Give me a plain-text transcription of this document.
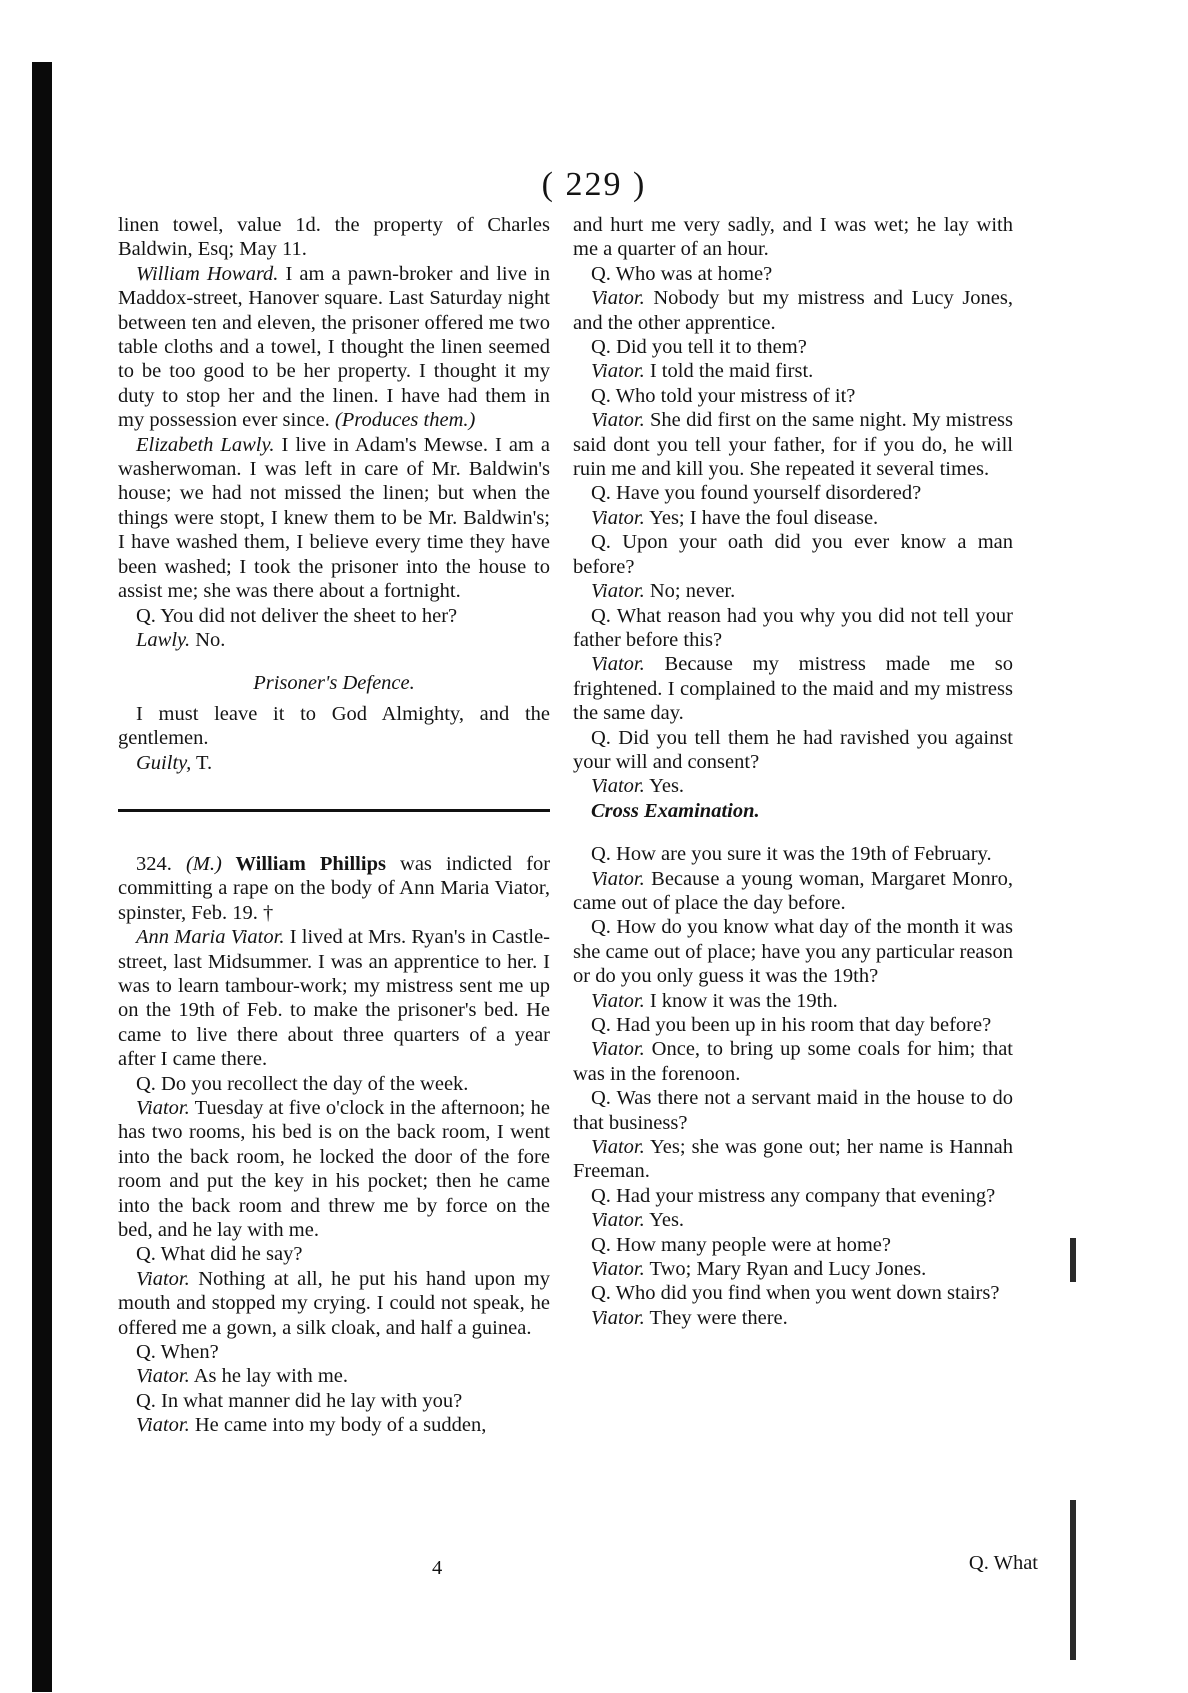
( 229 )

linen towel, value 1d. the property of Charles Baldwin, Esq; May 11.

William Howard. I am a pawn-broker and live in Maddox-street, Hanover square. Last Saturday night between ten and eleven, the prisoner offered me two table cloths and a towel, I thought the linen seemed to be too good to be her property. I thought it my duty to stop her and the linen. I have had them in my possession ever since. (Produces them.)

Elizabeth Lawly. I live in Adam's Mewse. I am a washerwoman. I was left in care of Mr. Baldwin's house; we had not missed the linen; but when the things were stopt, I knew them to be Mr. Baldwin's; I have washed them, I believe every time they have been washed; I took the prisoner into the house to assist me; she was there about a fortnight.

Q. You did not deliver the sheet to her?

Lawly. No.

Prisoner's Defence.

I must leave it to God Almighty, and the gentlemen.

Guilty, T.

324. (M.) William Phillips was indicted for committing a rape on the body of Ann Maria Viator, spinster, Feb. 19. †

Ann Maria Viator. I lived at Mrs. Ryan's in Castle-street, last Midsummer. I was an apprentice to her. I was to learn tambour-work; my mistress sent me up on the 19th of Feb. to make the prisoner's bed. He came to live there about three quarters of a year after I came there.

Q. Do you recollect the day of the week.

Viator. Tuesday at five o'clock in the afternoon; he has two rooms, his bed is on the back room, I went into the back room, he locked the door of the fore room and put the key in his pocket; then he came into the back room and threw me by force on the bed, and he lay with me.

Q. What did he say?

Viator. Nothing at all, he put his hand upon my mouth and stopped my crying. I could not speak, he offered me a gown, a silk cloak, and half a guinea.

Q. When?

Viator. As he lay with me.

Q. In what manner did he lay with you?

Viator. He came into my body of a sudden,

and hurt me very sadly, and I was wet; he lay with me a quarter of an hour.

Q. Who was at home?

Viator. Nobody but my mistress and Lucy Jones, and the other apprentice.

Q. Did you tell it to them?

Viator. I told the maid first.

Q. Who told your mistress of it?

Viator. She did first on the same night. My mistress said dont you tell your father, for if you do, he will ruin me and kill you. She repeated it several times.

Q. Have you found yourself disordered?

Viator. Yes; I have the foul disease.

Q. Upon your oath did you ever know a man before?

Viator. No; never.

Q. What reason had you why you did not tell your father before this?

Viator. Because my mistress made me so frightened. I complained to the maid and my mistress the same day.

Q. Did you tell them he had ravished you against your will and consent?

Viator. Yes.

Cross Examination.

Q. How are you sure it was the 19th of February.

Viator. Because a young woman, Margaret Monro, came out of place the day before.

Q. How do you know what day of the month it was she came out of place; have you any particular reason or do you only guess it was the 19th?

Viator. I know it was the 19th.

Q. Had you been up in his room that day before?

Viator. Once, to bring up some coals for him; that was in the forenoon.

Q. Was there not a servant maid in the house to do that business?

Viator. Yes; she was gone out; her name is Hannah Freeman.

Q. Had your mistress any company that evening?

Viator. Yes.

Q. How many people were at home?

Viator. Two; Mary Ryan and Lucy Jones.

Q. Who did you find when you went down stairs?

Viator. They were there.

Q. What
4
